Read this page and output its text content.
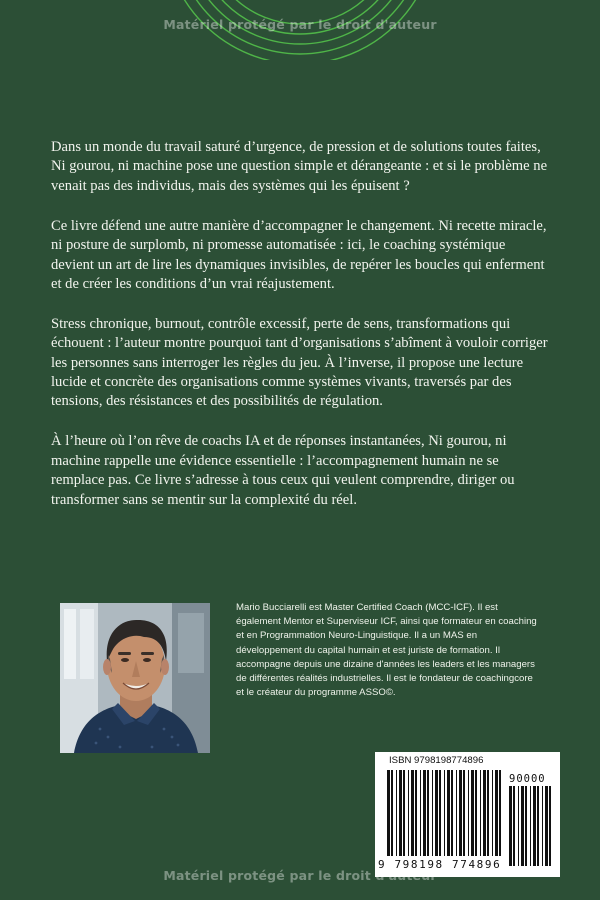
Matériel protégé par le droit d'auteur

Dans un monde du travail saturé d’urgence, de pression et de solutions toutes faites, Ni gourou, ni machine pose une question simple et dérangeante : et si le problème ne venait pas des individus, mais des systèmes qui les épuisent ?

Ce livre défend une autre manière d’accompagner le changement. Ni recette miracle, ni posture de surplomb, ni promesse automatisée : ici, le coaching systémique devient un art de lire les dynamiques invisibles, de repérer les boucles qui enferment et de créer les conditions d’un vrai réajustement.

Stress chronique, burnout, contrôle excessif, perte de sens, transformations qui échouent : l’auteur montre pourquoi tant d’organisations s’abîment à vouloir corriger les personnes sans interroger les règles du jeu. À l’inverse, il propose une lecture lucide et concrète des organisations comme systèmes vivants, traversés par des tensions, des résistances et des possibilités de régulation.

À l’heure où l’on rêve de coachs IA et de réponses instantanées, Ni gourou, ni machine rappelle une évidence essentielle : l’accompagnement humain ne se remplace pas. Ce livre s’adresse à tous ceux qui veulent comprendre, diriger ou transformer sans se mentir sur la complexité du réel.

Mario Bucciarelli est Master Certified Coach (MCC-ICF). Il est également Mentor et Superviseur ICF, ainsi que formateur en coaching et en Programmation Neuro-Linguistique. Il a un MAS en développement du capital humain et est juriste de formation. Il accompagne depuis une dizaine d'années les leaders et les managers de différentes réalités industrielles. Il est le fondateur de coachingcore et le créateur du programme ASSO©.
ISBN 9798198774896
90000
9 798198 774896
Matériel protégé par le droit d'auteur
